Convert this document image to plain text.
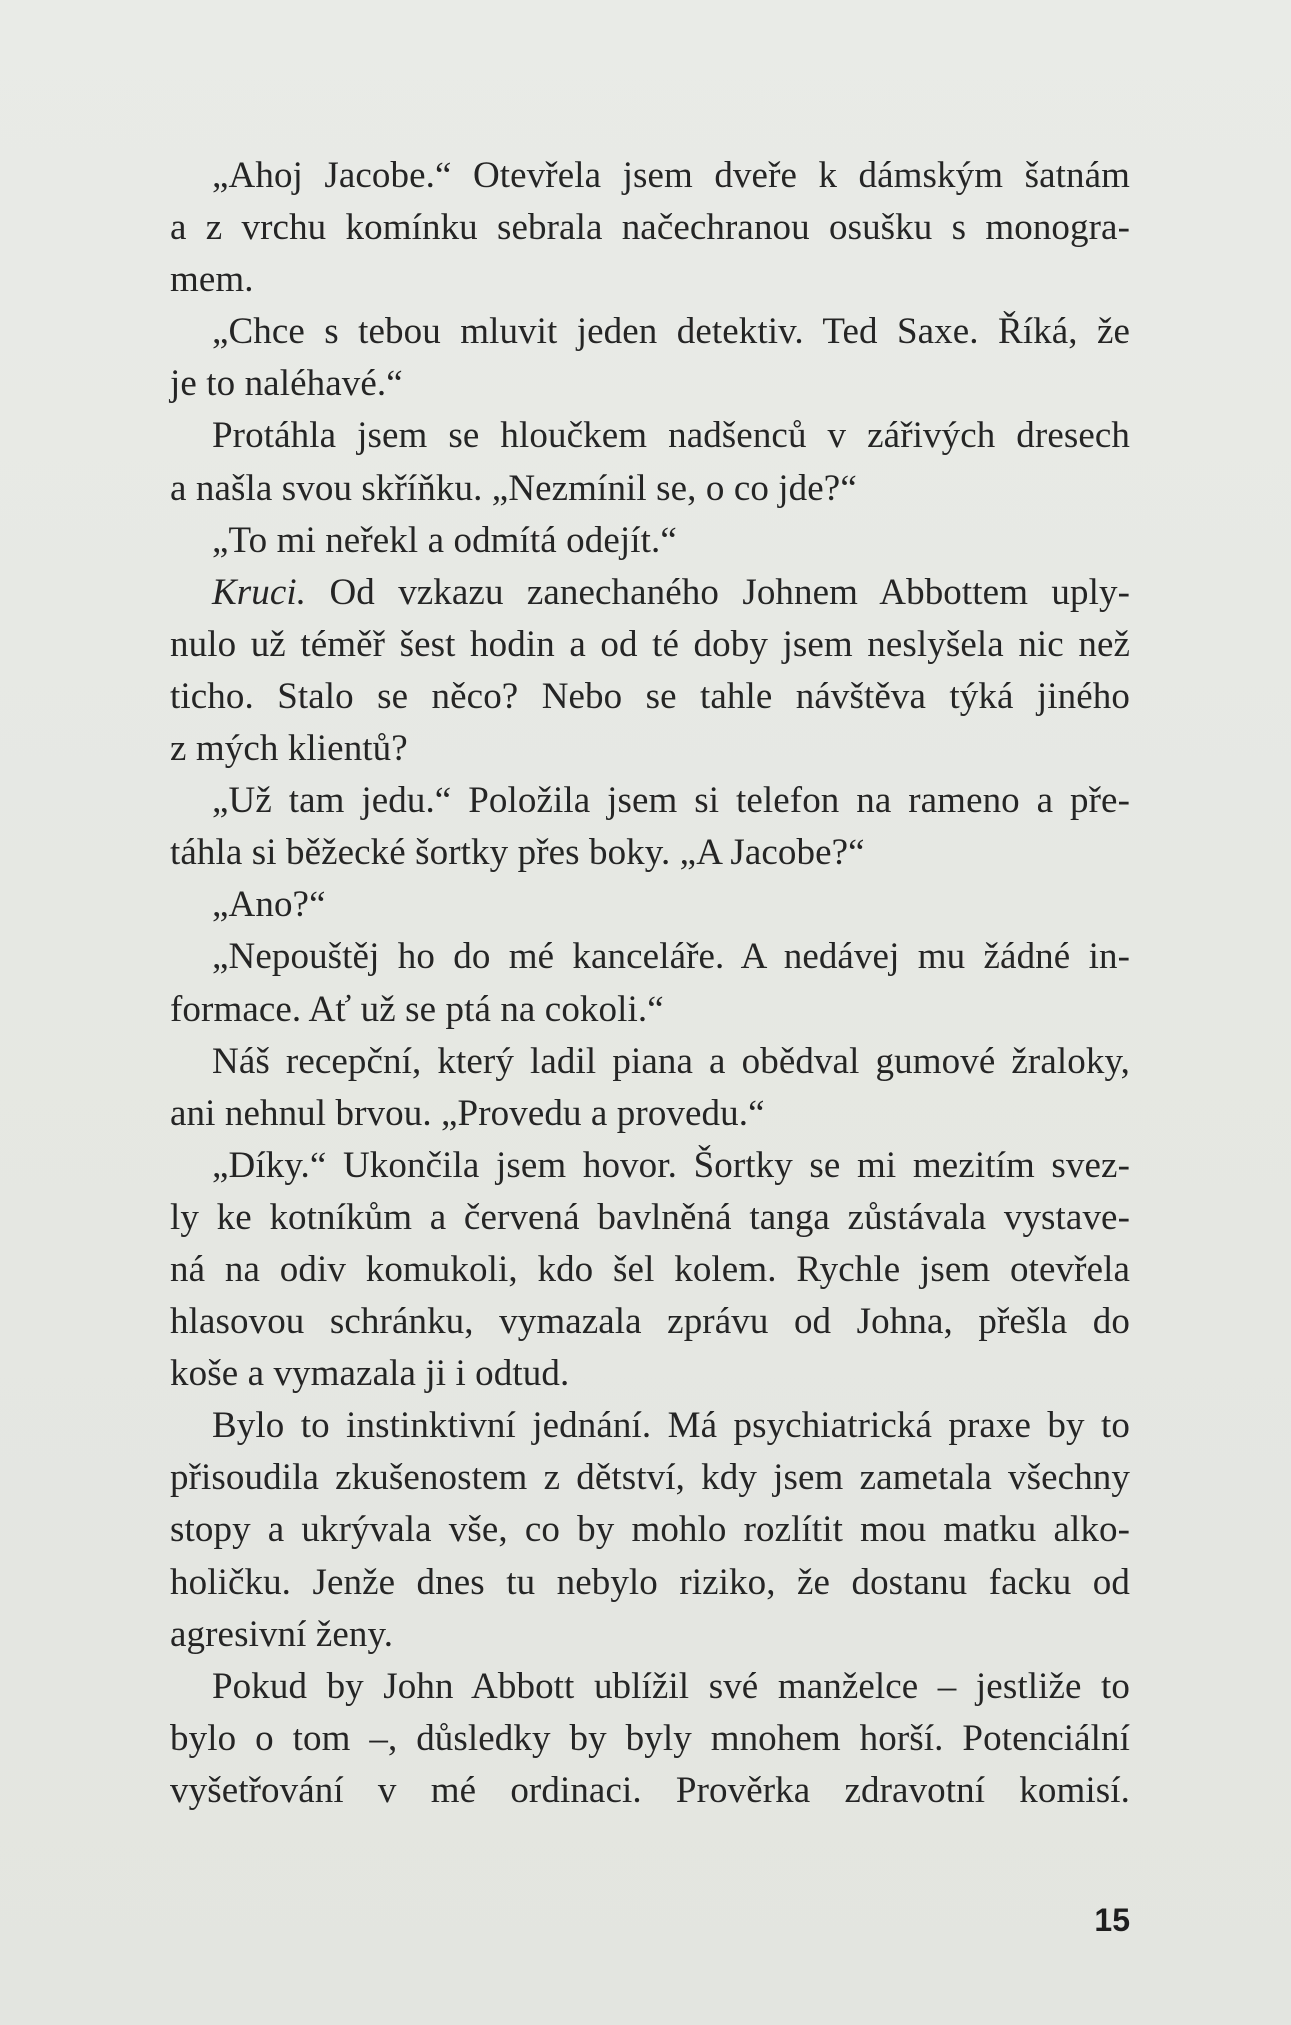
„Ahoj Jacobe.“ Otevřela jsem dveře k dámským šatnám
a z vrchu komínku sebrala načechranou osušku s monogra-
mem.
„Chce s tebou mluvit jeden detektiv. Ted Saxe. Říká, že
je to naléhavé.“
Protáhla jsem se hloučkem nadšenců v zářivých dresech
a našla svou skříňku. „Nezmínil se, o co jde?“
„To mi neřekl a odmítá odejít.“
Kruci. Od vzkazu zanechaného Johnem Abbottem uply-
nulo už téměř šest hodin a od té doby jsem neslyšela nic než
ticho. Stalo se něco? Nebo se tahle návštěva týká jiného
z mých klientů?
„Už tam jedu.“ Položila jsem si telefon na rameno a pře-
táhla si běžecké šortky přes boky. „A Jacobe?“
„Ano?“
„Nepouštěj ho do mé kanceláře. A nedávej mu žádné in-
formace. Ať už se ptá na cokoli.“
Náš recepční, který ladil piana a obědval gumové žraloky,
ani nehnul brvou. „Provedu a provedu.“
„Díky.“ Ukončila jsem hovor. Šortky se mi mezitím svez-
ly ke kotníkům a červená bavlněná tanga zůstávala vystave-
ná na odiv komukoli, kdo šel kolem. Rychle jsem otevřela
hlasovou schránku, vymazala zprávu od Johna, přešla do
koše a vymazala ji i odtud.
Bylo to instinktivní jednání. Má psychiatrická praxe by to
přisoudila zkušenostem z dětství, kdy jsem zametala všechny
stopy a ukrývala vše, co by mohlo rozlítit mou matku alko-
holičku. Jenže dnes tu nebylo riziko, že dostanu facku od
agresivní ženy.
Pokud by John Abbott ublížil své manželce – jestliže to
bylo o tom –, důsledky by byly mnohem horší. Potenciální
vyšetřování v mé ordinaci. Prověrka zdravotní komisí.
15
